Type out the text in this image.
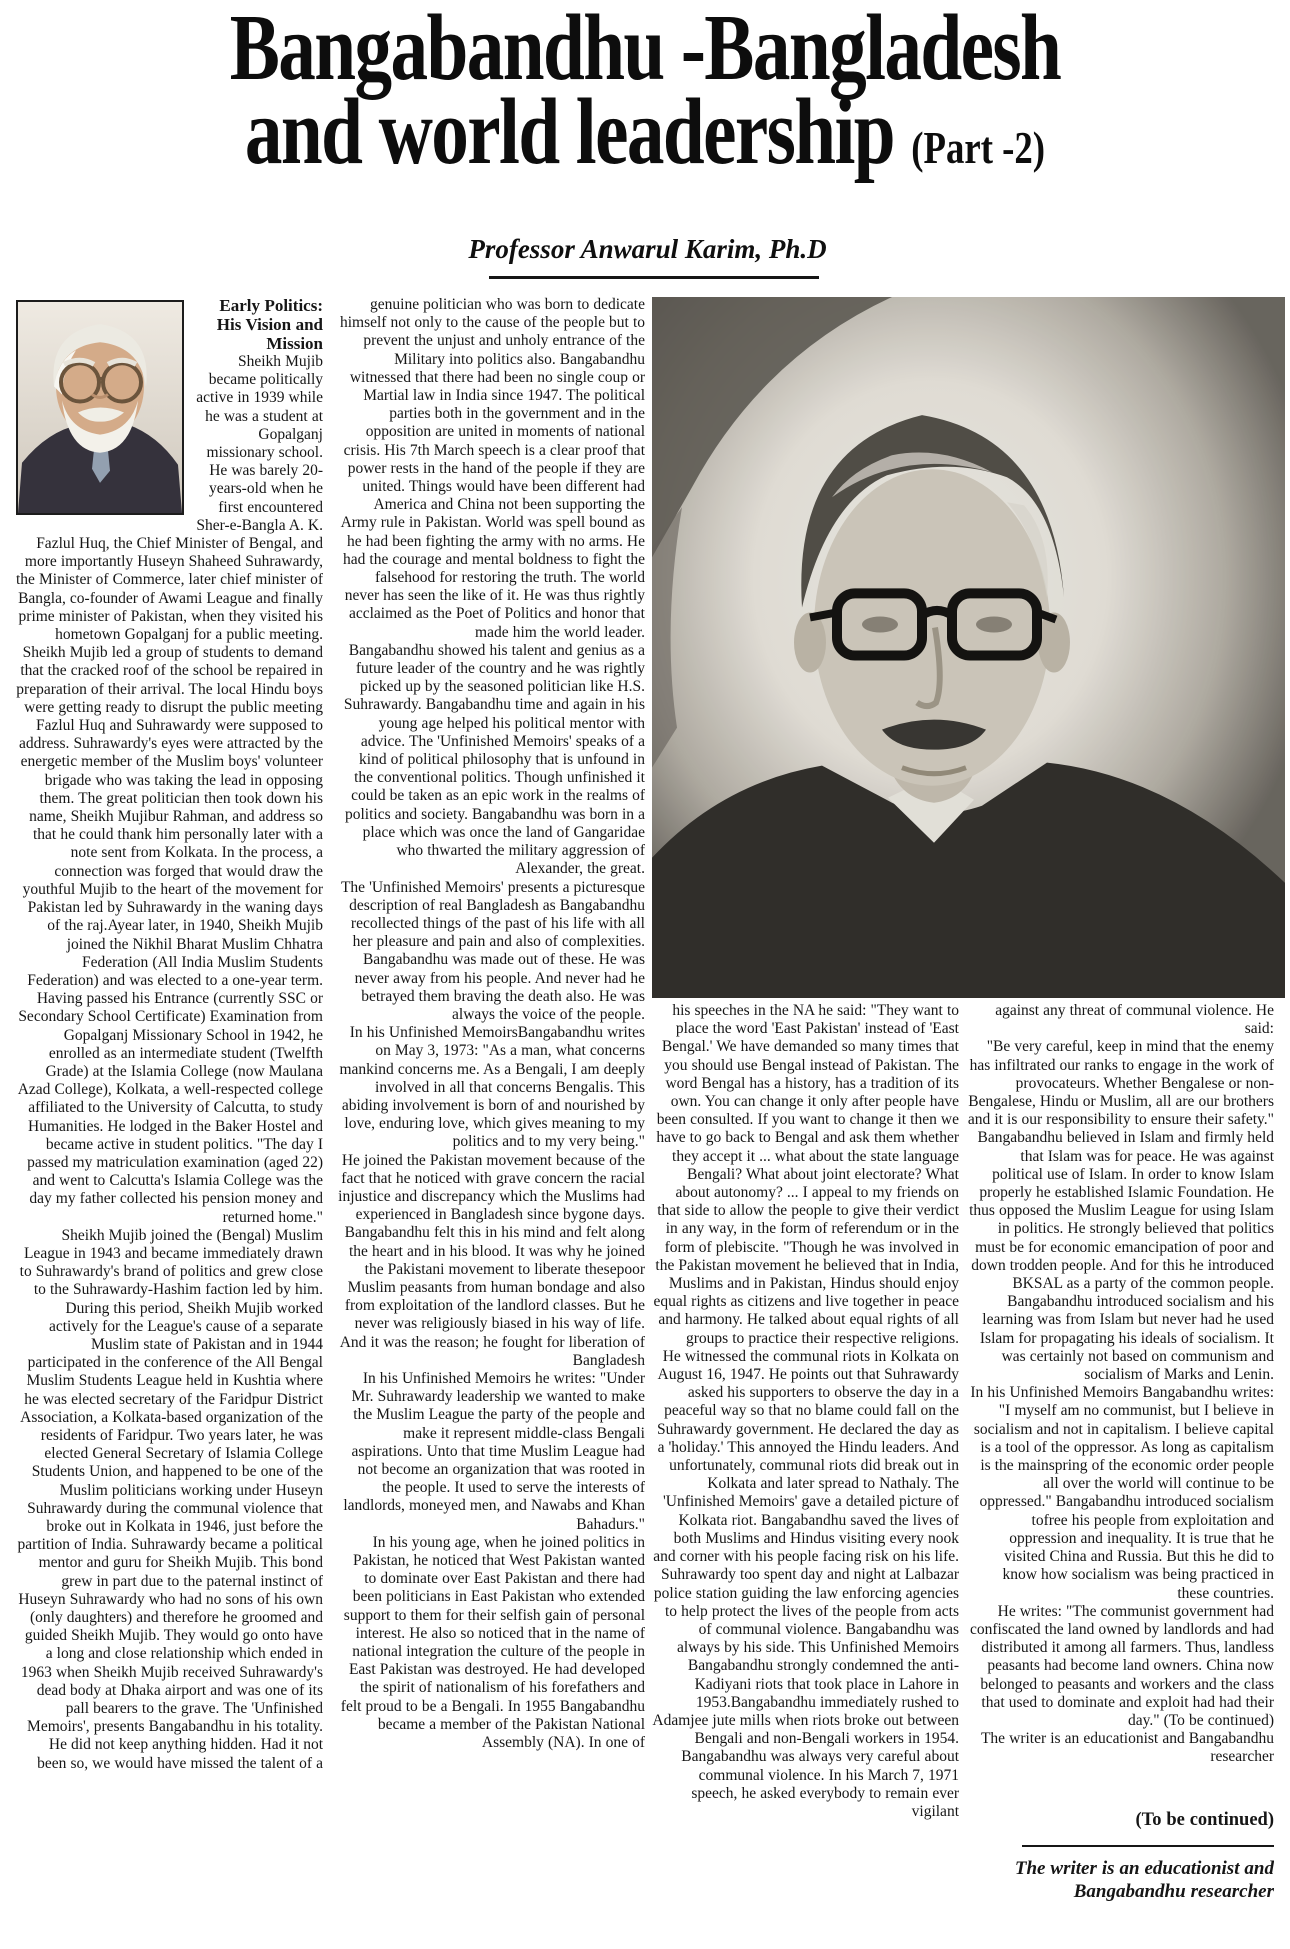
Bangabandhu -Bangladesh
and world leadership (Part -2)
Professor Anwarul Karim, Ph.D
Early Politics: His Vision and Mission

Sheikh Mujib became politically active in 1939 while he was a student at Gopalganj missionary school. He was barely 20-years-old when he first encountered Sher-e-Bangla A. K. Fazlul Huq, the Chief Minister of Bengal, and more importantly Huseyn Shaheed Suhrawardy, the Minister of Commerce, later chief minister of Bangla, co-founder of Awami League and finally prime minister of Pakistan, when they visited his hometown Gopalganj for a public meeting. Sheikh Mujib led a group of students to demand that the cracked roof of the school be repaired in preparation of their arrival. The local Hindu boys were getting ready to disrupt the public meeting Fazlul Huq and Suhrawardy were supposed to address. Suhrawardy's eyes were attracted by the energetic member of the Muslim boys' volunteer brigade who was taking the lead in opposing them. The great politician then took down his name, Sheikh Mujibur Rahman, and address so that he could thank him personally later with a note sent from Kolkata. In the process, a connection was forged that would draw the youthful Mujib to the heart of the movement for Pakistan led by Suhrawardy in the waning days of the raj.Ayear later, in 1940, Sheikh Mujib joined the Nikhil Bharat Muslim Chhatra Federation (All India Muslim Students Federation) and was elected to a one-year term. Having passed his Entrance (currently SSC or Secondary School Certificate) Examination from Gopalganj Missionary School in 1942, he enrolled as an intermediate student (Twelfth Grade) at the Islamia College (now Maulana Azad College), Kolkata, a well-respected college affiliated to the University of Calcutta, to study Humanities. He lodged in the Baker Hostel and became active in student politics. "The day I passed my matriculation examination (aged 22) and went to Calcutta's Islamia College was the day my father collected his pension money and returned home."

Sheikh Mujib joined the (Bengal) Muslim League in 1943 and became immediately drawn to Suhrawardy's brand of politics and grew close to the Suhrawardy-Hashim faction led by him. During this period, Sheikh Mujib worked actively for the League's cause of a separate Muslim state of Pakistan and in 1944 participated in the conference of the All Bengal Muslim Students League held in Kushtia where he was elected secretary of the Faridpur District Association, a Kolkata-based organization of the residents of Faridpur. Two years later, he was elected General Secretary of Islamia College Students Union, and happened to be one of the Muslim politicians working under Huseyn Suhrawardy during the communal violence that broke out in Kolkata in 1946, just before the partition of India. Suhrawardy became a political mentor and guru for Sheikh Mujib. This bond grew in part due to the paternal instinct of Huseyn Suhrawardy who had no sons of his own (only daughters) and therefore he groomed and guided Sheikh Mujib. They would go onto have a long and close relationship which ended in 1963 when Sheikh Mujib received Suhrawardy's dead body at Dhaka airport and was one of its pall bearers to the grave. The 'Unfinished Memoirs', presents Bangabandhu in his totality. He did not keep anything hidden. Had it not been so, we would have missed the talent of a

genuine politician who was born to dedicate himself not only to the cause of the people but to prevent the unjust and unholy entrance of the Military into politics also. Bangabandhu witnessed that there had been no single coup or Martial law in India since 1947. The political parties both in the government and in the opposition are united in moments of national crisis. His 7th March speech is a clear proof that power rests in the hand of the people if they are united. Things would have been different had America and China not been supporting the Army rule in Pakistan. World was spell bound as he had been fighting the army with no arms. He had the courage and mental boldness to fight the falsehood for restoring the truth. The world never has seen the like of it. He was thus rightly acclaimed as the Poet of Politics and honor that made him the world leader.

Bangabandhu showed his talent and genius as a future leader of the country and he was rightly picked up by the seasoned politician like H.S. Suhrawardy. Bangabandhu time and again in his young age helped his political mentor with advice. The 'Unfinished Memoirs' speaks of a kind of political philosophy that is unfound in the conventional politics. Though unfinished it could be taken as an epic work in the realms of politics and society. Bangabandhu was born in a place which was once the land of Gangaridae who thwarted the military aggression of Alexander, the great.

The 'Unfinished Memoirs' presents a picturesque description of real Bangladesh as Bangabandhu recollected things of the past of his life with all her pleasure and pain and also of complexities. Bangabandhu was made out of these. He was never away from his people. And never had he betrayed them braving the death also. He was always the voice of the people.

In his Unfinished MemoirsBangabandhu writes on May 3, 1973: "As a man, what concerns mankind concerns me. As a Bengali, I am deeply involved in all that concerns Bengalis. This abiding involvement is born of and nourished by love, enduring love, which gives meaning to my politics and to my very being."

He joined the Pakistan movement because of the fact that he noticed with grave concern the racial injustice and discrepancy which the Muslims had experienced in Bangladesh since bygone days. Bangabandhu felt this in his mind and felt along the heart and in his blood. It was why he joined the Pakistani movement to liberate thesepoor Muslim peasants from human bondage and also from exploitation of the landlord classes. But he never was religiously biased in his way of life. And it was the reason; he fought for liberation of Bangladesh

In his Unfinished Memoirs he writes: "Under Mr. Suhrawardy leadership we wanted to make the Muslim League the party of the people and make it represent middle-class Bengali aspirations. Unto that time Muslim League had not become an organization that was rooted in the people. It used to serve the interests of landlords, moneyed men, and Nawabs and Khan Bahadurs."

In his young age, when he joined politics in Pakistan, he noticed that West Pakistan wanted to dominate over East Pakistan and there had been politicians in East Pakistan who extended support to them for their selfish gain of personal interest. He also so noticed that in the name of national integration the culture of the people in East Pakistan was destroyed. He had developed the spirit of nationalism of his forefathers and felt proud to be a Bengali. In 1955 Bangabandhu became a member of the Pakistan National Assembly (NA). In one of

his speeches in the NA he said: "They want to place the word 'East Pakistan' instead of 'East Bengal.' We have demanded so many times that you should use Bengal instead of Pakistan. The word Bengal has a history, has a tradition of its own. You can change it only after people have been consulted. If you want to change it then we have to go back to Bengal and ask them whether they accept it ... what about the state language Bengali? What about joint electorate? What about autonomy? ... I appeal to my friends on that side to allow the people to give their verdict in any way, in the form of referendum or in the form of plebiscite. "Though he was involved in the Pakistan movement he believed that in India, Muslims and in Pakistan, Hindus should enjoy equal rights as citizens and live together in peace and harmony. He talked about equal rights of all groups to practice their respective religions.

He witnessed the communal riots in Kolkata on August 16, 1947. He points out that Suhrawardy asked his supporters to observe the day in a peaceful way so that no blame could fall on the Suhrawardy government. He declared the day as a 'holiday.' This annoyed the Hindu leaders. And unfortunately, communal riots did break out in Kolkata and later spread to Nathaly. The 'Unfinished Memoirs' gave a detailed picture of Kolkata riot. Bangabandhu saved the lives of both Muslims and Hindus visiting every nook and corner with his people facing risk on his life. Suhrawardy too spent day and night at Lalbazar police station guiding the law enforcing agencies to help protect the lives of the people from acts of communal violence. Bangabandhu was always by his side. This Unfinished Memoirs Bangabandhu strongly condemned the anti-Kadiyani riots that took place in Lahore in 1953.Bangabandhu immediately rushed to Adamjee jute mills when riots broke out between Bengali and non-Bengali workers in 1954. Bangabandhu was always very careful about communal violence. In his March 7, 1971 speech, he asked everybody to remain ever vigilant

against any threat of communal violence. He said:

"Be very careful, keep in mind that the enemy has infiltrated our ranks to engage in the work of provocateurs. Whether Bengalese or non-Bengalese, Hindu or Muslim, all are our brothers and it is our responsibility to ensure their safety." Bangabandhu believed in Islam and firmly held that Islam was for peace. He was against political use of Islam. In order to know Islam properly he established Islamic Foundation. He thus opposed the Muslim League for using Islam in politics. He strongly believed that politics must be for economic emancipation of poor and down trodden people. And for this he introduced BKSAL as a party of the common people. Bangabandhu introduced socialism and his learning was from Islam but never had he used Islam for propagating his ideals of socialism. It was certainly not based on communism and socialism of Marks and Lenin.

In his Unfinished Memoirs Bangabandhu writes: "I myself am no communist, but I believe in socialism and not in capitalism. I believe capital is a tool of the oppressor. As long as capitalism is the mainspring of the economic order people all over the world will continue to be oppressed." Bangabandhu introduced socialism tofree his people from exploitation and oppression and inequality. It is true that he visited China and Russia. But this he did to know how socialism was being practiced in these countries.

He writes: "The communist government had confiscated the land owned by landlords and had distributed it among all farmers. Thus, landless peasants had become land owners. China now belonged to peasants and workers and the class that used to dominate and exploit had had their day." (To be continued)

The writer is an educationist and Bangabandhu researcher

(To be continued)
The writer is an educationist and Bangabandhu researcher
